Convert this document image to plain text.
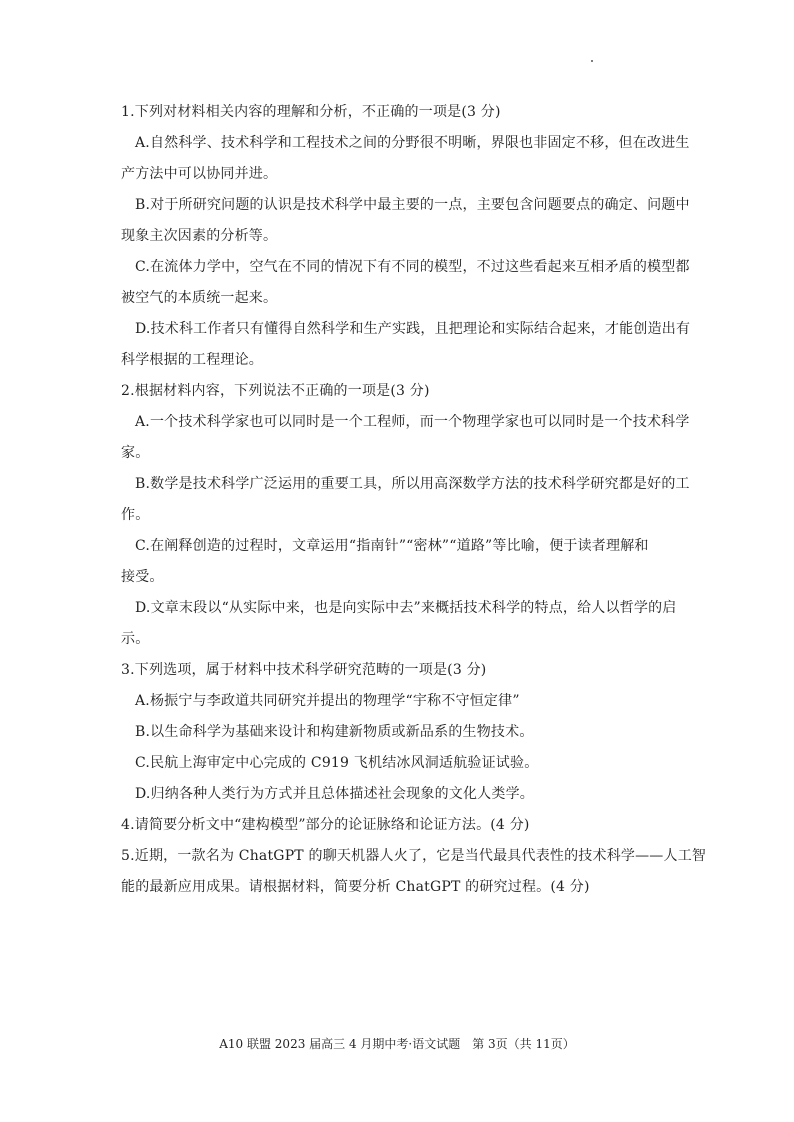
1.下列对材料相关内容的理解和分析，不正确的一项是(3 分)
A.自然科学、技术科学和工程技术之间的分野很不明晰，界限也非固定不移，但在改进生
产方法中可以协同并进。
B.对于所研究问题的认识是技术科学中最主要的一点，主要包含问题要点的确定、问题中
现象主次因素的分析等。
C.在流体力学中，空气在不同的情况下有不同的模型，不过这些看起来互相矛盾的模型都
被空气的本质统一起来。
D.技术科工作者只有懂得自然科学和生产实践，且把理论和实际结合起来，才能创造出有
科学根据的工程理论。
2.根据材料内容，下列说法不正确的一项是(3 分)
A.一个技术科学家也可以同时是一个工程师，而一个物理学家也可以同时是一个技术科学
家。
B.数学是技术科学广泛运用的重要工具，所以用高深数学方法的技术科学研究都是好的工
作。
C.在阐释创造的过程时，文章运用“指南针”“密林”“道路”等比喻，便于读者理解和
接受。
D.文章末段以“从实际中来，也是向实际中去”来概括技术科学的特点，给人以哲学的启
示。
3.下列选项，属于材料中技术科学研究范畴的一项是(3 分)
A.杨振宁与李政道共同研究并提出的物理学“宇称不守恒定律”
B.以生命科学为基础来设计和构建新物质或新品系的生物技术。
C.民航上海审定中心完成的 C919 飞机结冰风洞适航验证试验。
D.归纳各种人类行为方式并且总体描述社会现象的文化人类学。
4.请简要分析文中“建构模型”部分的论证脉络和论证方法。(4 分)
5.近期，一款名为 ChatGPT 的聊天机器人火了，它是当代最具代表性的技术科学——人工智
能的最新应用成果。请根据材料，简要分析 ChatGPT 的研究过程。(4 分)
A10 联盟 2023 届高三 4 月期中考·语文试题　第 3页（共 11页）
